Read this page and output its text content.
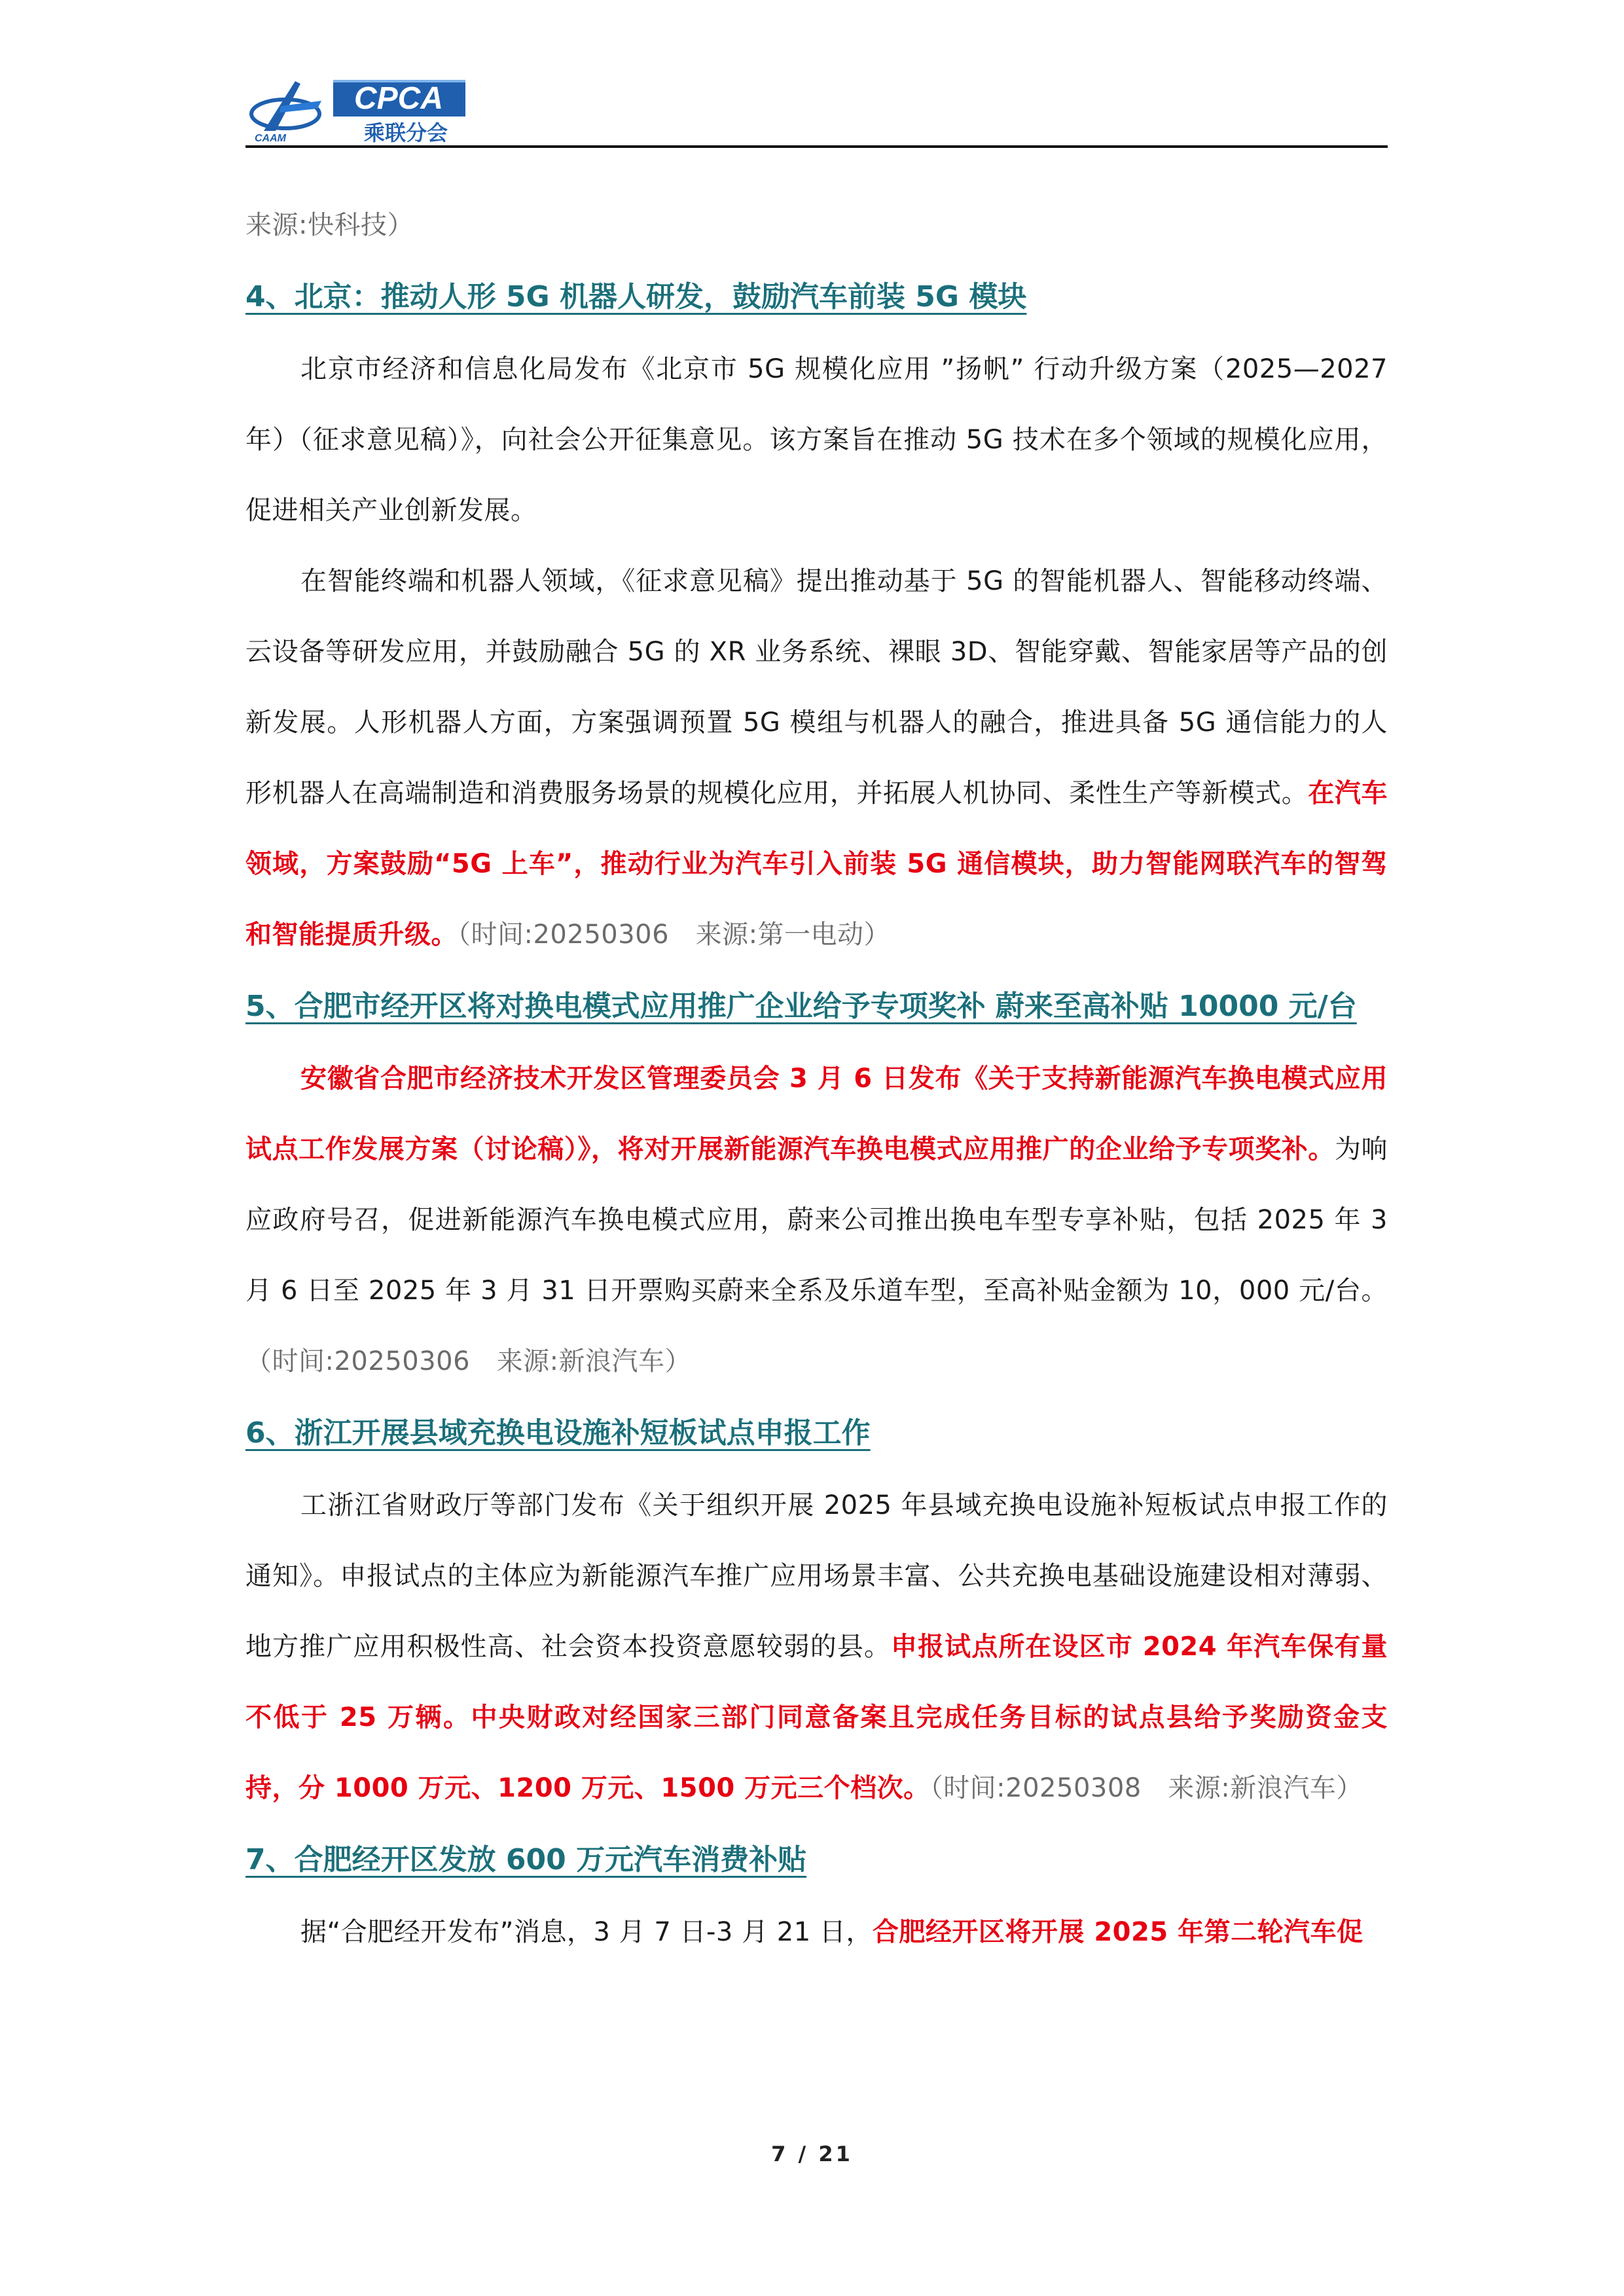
CPCA
乘联分会
CAAM

来源:快科技）

4、北京：推动人形 5G 机器人研发，鼓励汽车前装 5G 模块

北京市经济和信息化局发布《北京市 5G 规模化应用 ”扬帆” 行动升级方案（2025—2027 年）（征求意见稿）》，向社会公开征集意见。该方案旨在推动 5G 技术在多个领域的规模化应用，促进相关产业创新发展。

在智能终端和机器人领域，《征求意见稿》提出推动基于 5G 的智能机器人、智能移动终端、云设备等研发应用，并鼓励融合 5G 的 XR 业务系统、裸眼 3D、智能穿戴、智能家居等产品的创新发展。人形机器人方面，方案强调预置 5G 模组与机器人的融合，推进具备 5G 通信能力的人形机器人在高端制造和消费服务场景的规模化应用，并拓展人机协同、柔性生产等新模式。在汽车领域，方案鼓励“5G 上车”，推动行业为汽车引入前装 5G 通信模块，助力智能网联汽车的智驾和智能提质升级。（时间:20250306　来源:第一电动）

5、合肥市经开区将对换电模式应用推广企业给予专项奖补 蔚来至高补贴 10000 元/台

安徽省合肥市经济技术开发区管理委员会 3 月 6 日发布《关于支持新能源汽车换电模式应用试点工作发展方案（讨论稿）》，将对开展新能源汽车换电模式应用推广的企业给予专项奖补。为响应政府号召，促进新能源汽车换电模式应用，蔚来公司推出换电车型专享补贴，包括 2025 年 3 月 6 日至 2025 年 3 月 31 日开票购买蔚来全系及乐道车型，至高补贴金额为 10，000 元/台。（时间:20250306　来源:新浪汽车）

6、浙江开展县域充换电设施补短板试点申报工作

工浙江省财政厅等部门发布《关于组织开展 2025 年县域充换电设施补短板试点申报工作的通知》。申报试点的主体应为新能源汽车推广应用场景丰富、公共充换电基础设施建设相对薄弱、地方推广应用积极性高、社会资本投资意愿较弱的县。申报试点所在设区市 2024 年汽车保有量不低于 25 万辆。中央财政对经国家三部门同意备案且完成任务目标的试点县给予奖励资金支持，分 1000 万元、1200 万元、1500 万元三个档次。（时间:20250308　来源:新浪汽车）

7、合肥经开区发放 600 万元汽车消费补贴

据“合肥经开发布”消息，3 月 7 日-3 月 21 日，合肥经开区将开展 2025 年第二轮汽车促

7 / 21
